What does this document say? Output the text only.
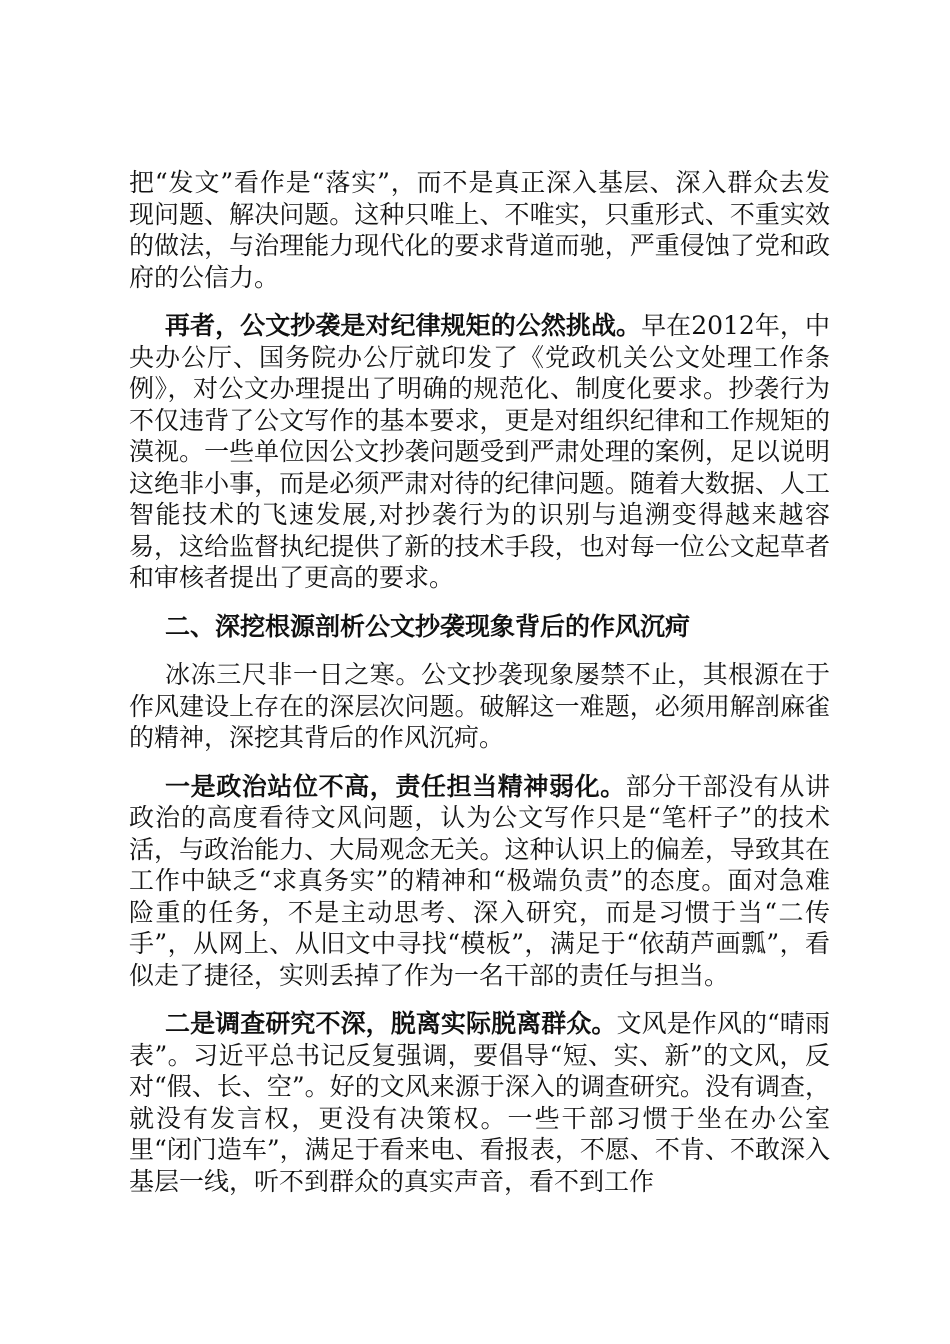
把“发文”看作是“落实”，而不是真正深入基层、深入群众去发现问题、解决问题。这种只唯上、不唯实，只重形式、不重实效的做法，与治理能力现代化的要求背道而驰，严重侵蚀了党和政府的公信力。

再者，公文抄袭是对纪律规矩的公然挑战。早在2012年，中央办公厅、国务院办公厅就印发了《党政机关公文处理工作条例》，对公文办理提出了明确的规范化、制度化要求。抄袭行为不仅违背了公文写作的基本要求，更是对组织纪律和工作规矩的漠视。一些单位因公文抄袭问题受到严肃处理的案例，足以说明这绝非小事，而是必须严肃对待的纪律问题。随着大数据、人工智能技术的飞速发展,对抄袭行为的识别与追溯变得越来越容易，这给监督执纪提供了新的技术手段，也对每一位公文起草者和审核者提出了更高的要求。

二、深挖根源剖析公文抄袭现象背后的作风沉疴

冰冻三尺非一日之寒。公文抄袭现象屡禁不止，其根源在于作风建设上存在的深层次问题。破解这一难题，必须用解剖麻雀的精神，深挖其背后的作风沉疴。

一是政治站位不高，责任担当精神弱化。部分干部没有从讲政治的高度看待文风问题，认为公文写作只是“笔杆子”的技术活，与政治能力、大局观念无关。这种认识上的偏差，导致其在工作中缺乏“求真务实”的精神和“极端负责”的态度。面对急难险重的任务，不是主动思考、深入研究，而是习惯于当“二传手”，从网上、从旧文中寻找“模板”，满足于“依葫芦画瓢”，看似走了捷径，实则丢掉了作为一名干部的责任与担当。

二是调查研究不深，脱离实际脱离群众。文风是作风的“晴雨表”。习近平总书记反复强调，要倡导“短、实、新”的文风，反对“假、长、空”。好的文风来源于深入的调查研究。没有调查，就没有发言权，更没有决策权。一些干部习惯于坐在办公室里“闭门造车”，满足于看来电、看报表，不愿、不肯、不敢深入基层一线，听不到群众的真实声音，看不到工作
